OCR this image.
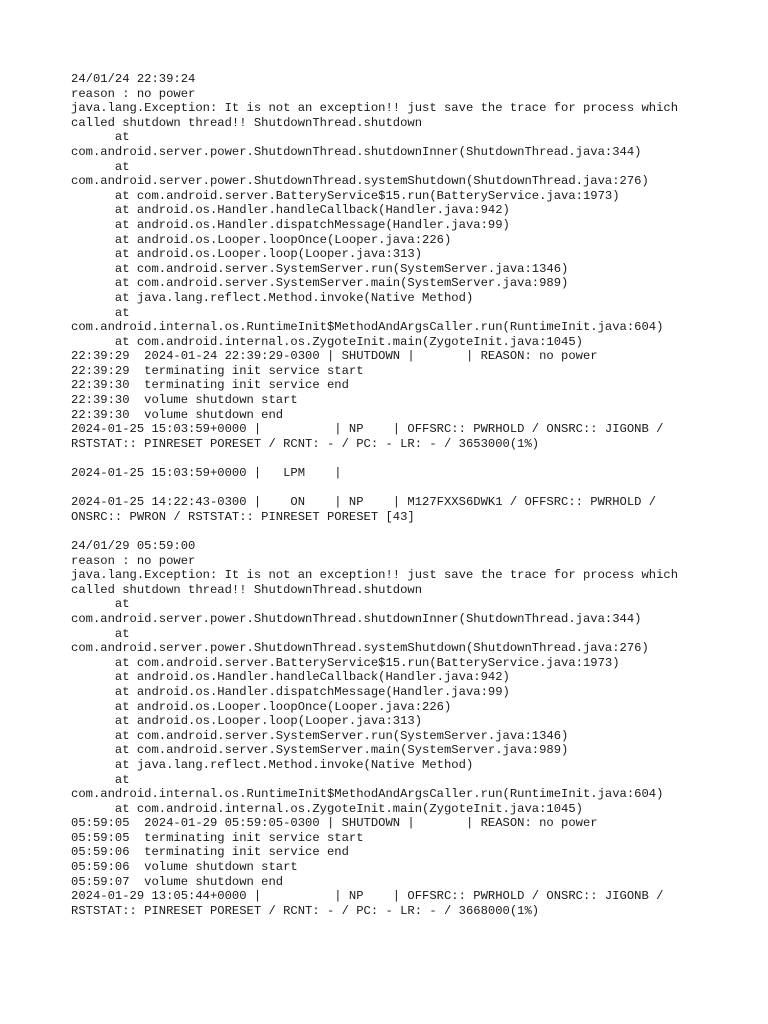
24/01/24 22:39:24
reason : no power
java.lang.Exception: It is not an exception!! just save the trace for process which
called shutdown thread!! ShutdownThread.shutdown
at
com.android.server.power.ShutdownThread.shutdownInner(ShutdownThread.java:344)
at
com.android.server.power.ShutdownThread.systemShutdown(ShutdownThread.java:276)
at com.android.server.BatteryService$15.run(BatteryService.java:1973)
at android.os.Handler.handleCallback(Handler.java:942)
at android.os.Handler.dispatchMessage(Handler.java:99)
at android.os.Looper.loopOnce(Looper.java:226)
at android.os.Looper.loop(Looper.java:313)
at com.android.server.SystemServer.run(SystemServer.java:1346)
at com.android.server.SystemServer.main(SystemServer.java:989)
at java.lang.reflect.Method.invoke(Native Method)
at
com.android.internal.os.RuntimeInit$MethodAndArgsCaller.run(RuntimeInit.java:604)
at com.android.internal.os.ZygoteInit.main(ZygoteInit.java:1045)
22:39:29  2024-01-24 22:39:29-0300 | SHUTDOWN |       | REASON: no power
22:39:29  terminating init service start
22:39:30  terminating init service end
22:39:30  volume shutdown start
22:39:30  volume shutdown end
2024-01-25 15:03:59+0000 |          | NP    | OFFSRC:: PWRHOLD / ONSRC:: JIGONB /
RSTSTAT:: PINRESET PORESET / RCNT: - / PC: - LR: - / 3653000(1%)
2024-01-25 15:03:59+0000 |   LPM    |
2024-01-25 14:22:43-0300 |    ON    | NP    | M127FXXS6DWK1 / OFFSRC:: PWRHOLD /
ONSRC:: PWRON / RSTSTAT:: PINRESET PORESET [43]
24/01/29 05:59:00
reason : no power
java.lang.Exception: It is not an exception!! just save the trace for process which
called shutdown thread!! ShutdownThread.shutdown
at
com.android.server.power.ShutdownThread.shutdownInner(ShutdownThread.java:344)
at
com.android.server.power.ShutdownThread.systemShutdown(ShutdownThread.java:276)
at com.android.server.BatteryService$15.run(BatteryService.java:1973)
at android.os.Handler.handleCallback(Handler.java:942)
at android.os.Handler.dispatchMessage(Handler.java:99)
at android.os.Looper.loopOnce(Looper.java:226)
at android.os.Looper.loop(Looper.java:313)
at com.android.server.SystemServer.run(SystemServer.java:1346)
at com.android.server.SystemServer.main(SystemServer.java:989)
at java.lang.reflect.Method.invoke(Native Method)
at
com.android.internal.os.RuntimeInit$MethodAndArgsCaller.run(RuntimeInit.java:604)
at com.android.internal.os.ZygoteInit.main(ZygoteInit.java:1045)
05:59:05  2024-01-29 05:59:05-0300 | SHUTDOWN |       | REASON: no power
05:59:05  terminating init service start
05:59:06  terminating init service end
05:59:06  volume shutdown start
05:59:07  volume shutdown end
2024-01-29 13:05:44+0000 |          | NP    | OFFSRC:: PWRHOLD / ONSRC:: JIGONB /
RSTSTAT:: PINRESET PORESET / RCNT: - / PC: - LR: - / 3668000(1%)
